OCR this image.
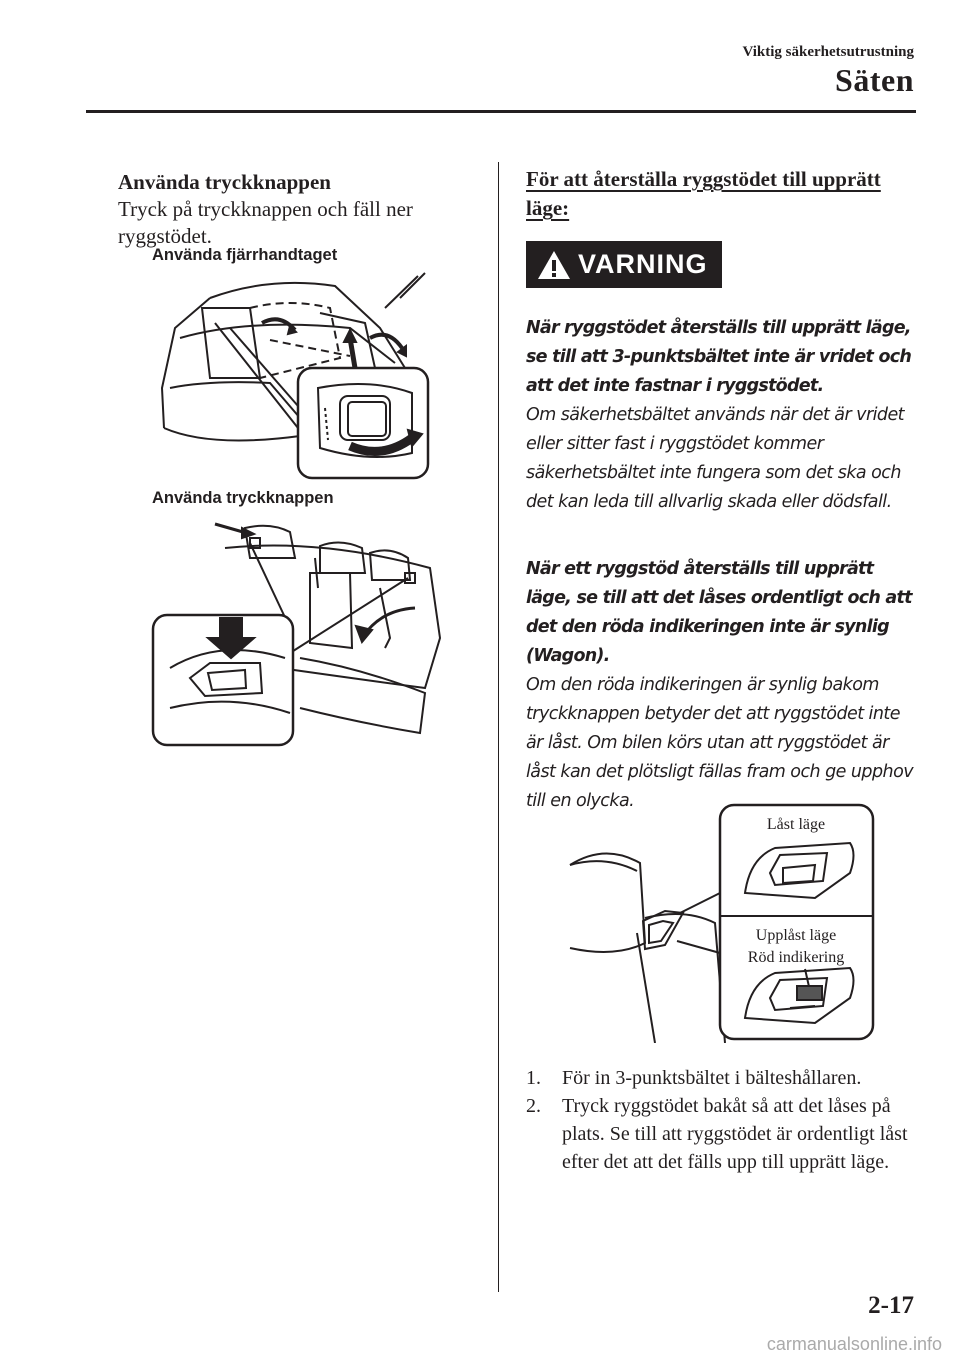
Viktig säkerhetsutrustning
Säten
Använda tryckknappen
Tryck på tryckknappen och fäll ner ryggstödet.
Använda fjärrhandtaget
Använda tryckknappen
För att återställa ryggstödet till upprätt läge:
VARNING

När ryggstödet återställs till upprätt läge, se till att 3-punktsbältet inte är vridet och att det inte fastnar i ryggstödet.

Om säkerhetsbältet används när det är vridet eller sitter fast i ryggstödet kommer säkerhetsbältet inte fungera som det ska och det kan leda till allvarlig skada eller dödsfall.

När ett ryggstöd återställs till upprätt läge, se till att det låses ordentligt och att det den röda indikeringen inte är synlig (Wagon).

Om den röda indikeringen är synlig bakom tryckknappen betyder det att ryggstödet inte är låst. Om bilen körs utan att ryggstödet är låst kan det plötsligt fällas fram och ge upphov till en olycka.

Låst läge
Upplåst läge
Röd indikering
1.	För in 3-punktsbältet i bälteshållaren.
2.	Tryck ryggstödet bakåt så att det låses på plats. Se till att ryggstödet är ordentligt låst efter det att det fälls upp till upprätt läge.
2-17
carmanualsonline.info
